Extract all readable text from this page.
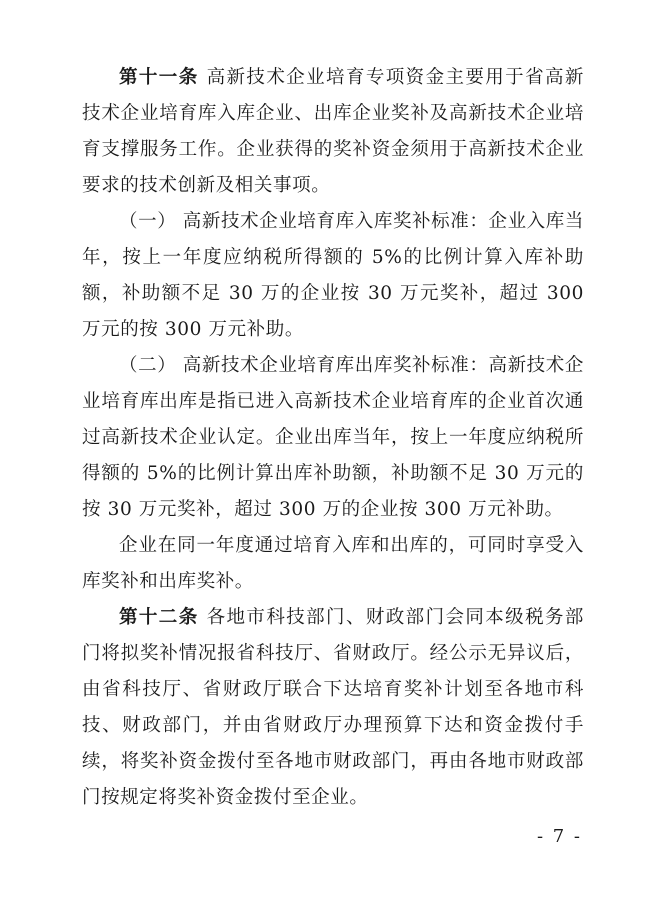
第十一条 高新技术企业培育专项资金主要用于省高新技术企业培育库入库企业、出库企业奖补及高新技术企业培育支撑服务工作。企业获得的奖补资金须用于高新技术企业要求的技术创新及相关事项。

（一） 高新技术企业培育库入库奖补标准：企业入库当年，按上一年度应纳税所得额的 5%的比例计算入库补助额，补助额不足 30 万的企业按 30 万元奖补，超过 300 万元的按 300 万元补助。

（二） 高新技术企业培育库出库奖补标准：高新技术企业培育库出库是指已进入高新技术企业培育库的企业首次通过高新技术企业认定。企业出库当年，按上一年度应纳税所得额的 5%的比例计算出库补助额，补助额不足 30 万元的按 30 万元奖补，超过 300 万的企业按 300 万元补助。

企业在同一年度通过培育入库和出库的，可同时享受入库奖补和出库奖补。

第十二条 各地市科技部门、财政部门会同本级税务部门将拟奖补情况报省科技厅、省财政厅。经公示无异议后，由省科技厅、省财政厅联合下达培育奖补计划至各地市科技、财政部门，并由省财政厅办理预算下达和资金拨付手续，将奖补资金拨付至各地市财政部门，再由各地市财政部门按规定将奖补资金拨付至企业。

- 7 -
